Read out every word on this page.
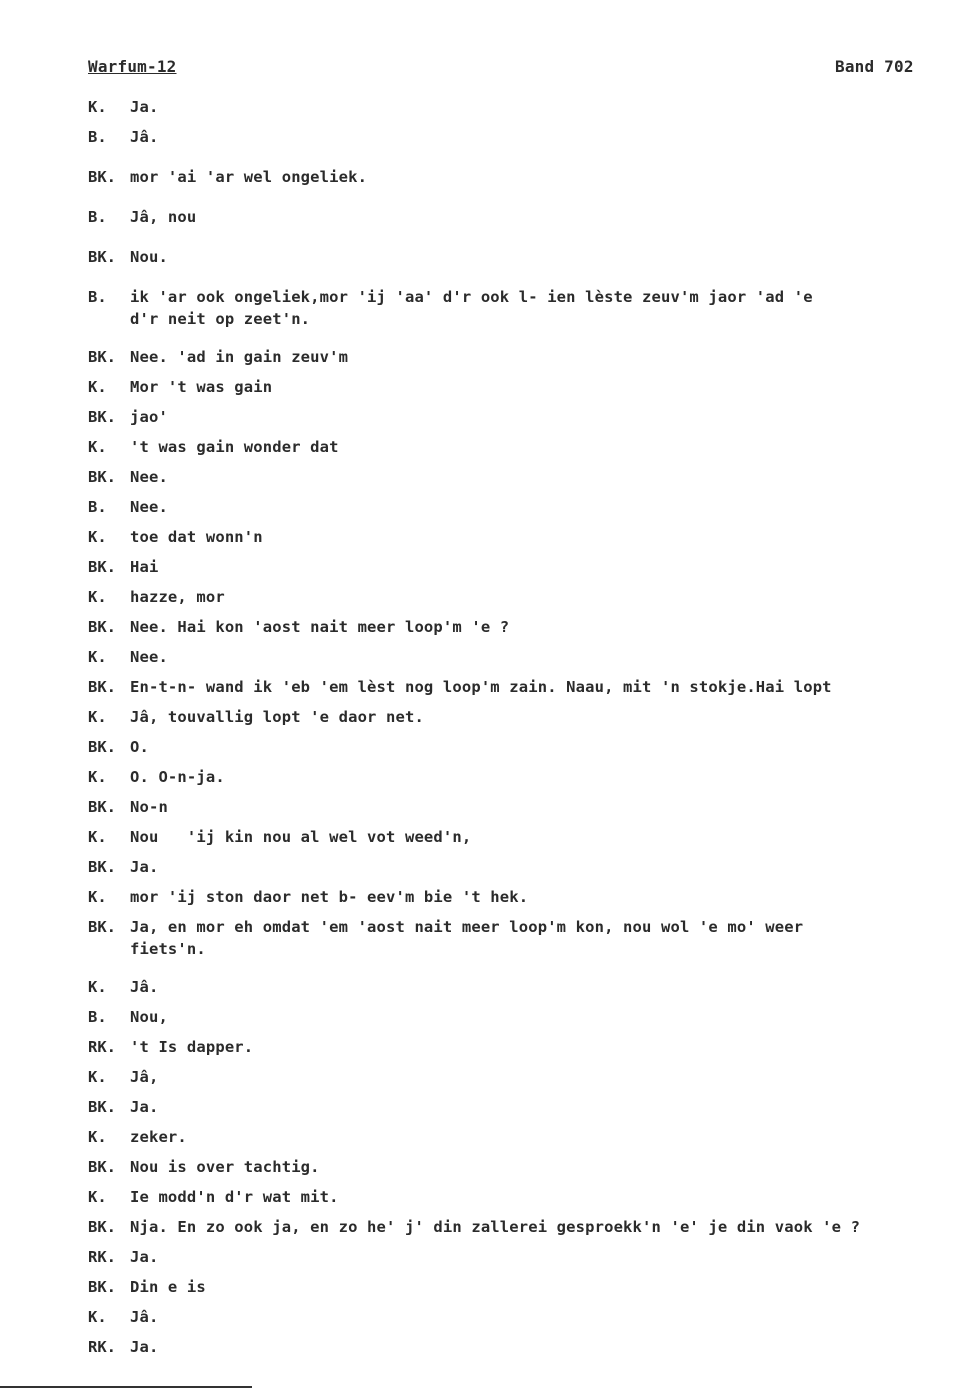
Warfum-12	Band 702
K.	Ja.
B.	Jâ.
BK. mor 'ai 'ar wel ongeliek.
B.	Jâ, nou
BK. Nou.
B.	ik 'ar ook ongeliek,mor 'ij 'aa' d'r ook l- ien lèste zeuv'm jaor 'ad 'e
d'r neit op zeet'n.
BK. Nee. 'ad in gain zeuv'm
K.	Mor 't was gain
BK. jao'
K.	't was gain wonder dat
BK. Nee.
B.	Nee.
K.	toe dat wonn'n
BK. Hai
K.	hazze, mor
BK. Nee. Hai kon 'aost nait meer loop'm 'e ?
K.	Nee.
BK. En-t-n- wand ik 'eb 'em lèst nog loop'm zain. Naau, mit 'n stokje.Hai lopt
K.	Jâ, touvallig lopt 'e daor net.
BK. O.
K.	O. O-n-ja.
BK. No-n
K.	Nou   'ij kin nou al wel vot weed'n,
BK. Ja.
K.	mor 'ij ston daor net b- eev'm bie 't hek.
BK. Ja, en mor eh omdat 'em 'aost nait meer loop'm kon, nou wol 'e mo' weer
fiets'n.
K.	Jâ.
B.	Nou,
RK. 't Is dapper.
K.	Jâ,
BK. Ja.
K.	zeker.
BK. Nou is over tachtig.
K.	Ie modd'n d'r wat mit.
BK. Nja. En zo ook ja, en zo he' j' din zallerei gesproekk'n 'e' je din vaok 'e ?
RK. Ja.
BK. Din e is
K.	Jâ.
RK. Ja.
